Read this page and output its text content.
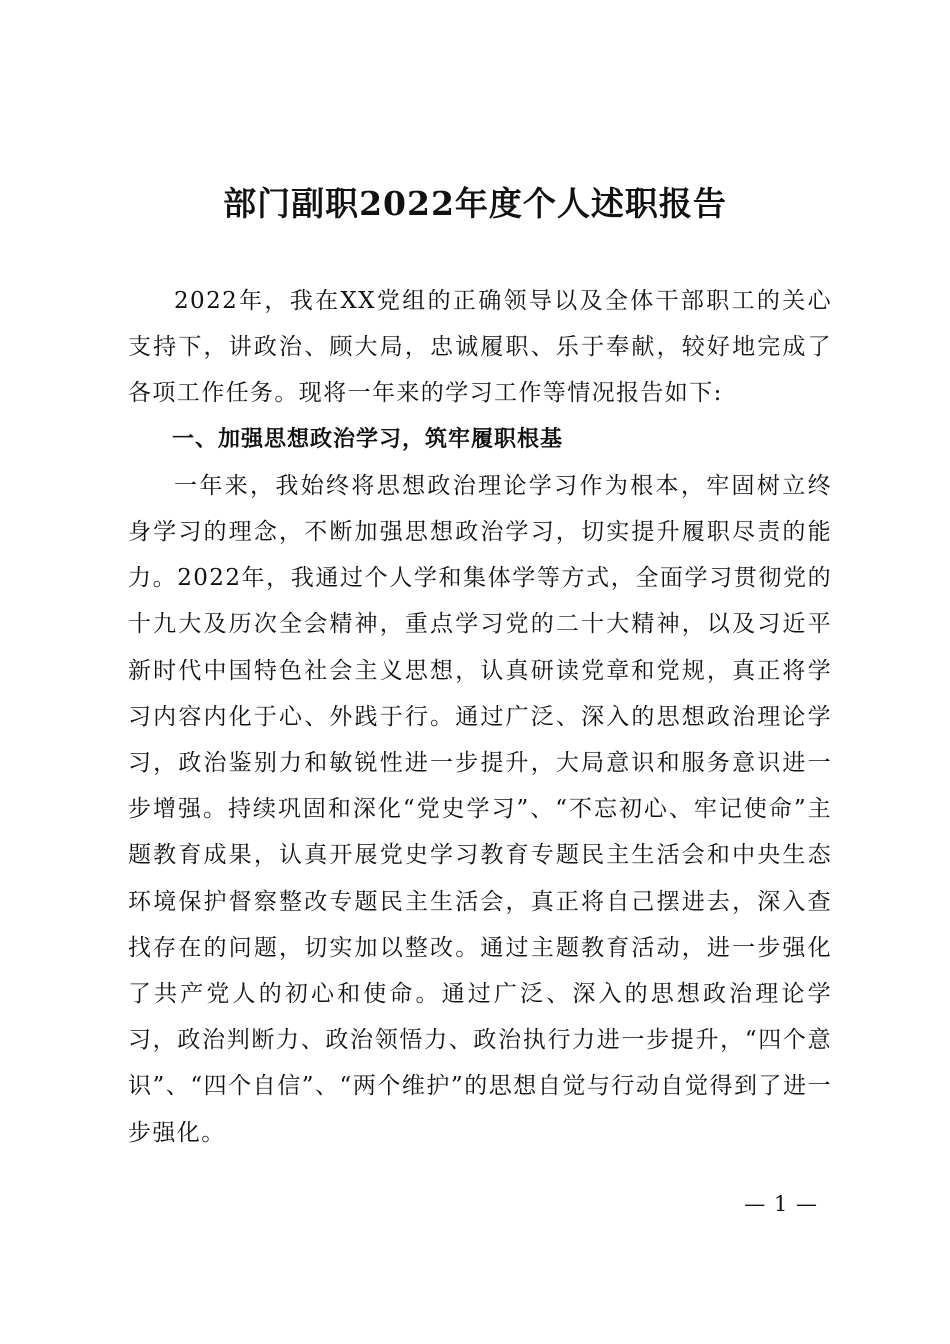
部门副职2022年度个人述职报告

2022年，我在XX党组的正确领导以及全体干部职工的关心支持下，讲政治、顾大局，忠诚履职、乐于奉献，较好地完成了各项工作任务。现将一年来的学习工作等情况报告如下:

一、加强思想政治学习，筑牢履职根基

一年来，我始终将思想政治理论学习作为根本，牢固树立终身学习的理念，不断加强思想政治学习，切实提升履职尽责的能力。2022年，我通过个人学和集体学等方式，全面学习贯彻党的十九大及历次全会精神，重点学习党的二十大精神，以及习近平新时代中国特色社会主义思想，认真研读党章和党规，真正将学习内容内化于心、外践于行。通过广泛、深入的思想政治理论学习，政治鉴别力和敏锐性进一步提升，大局意识和服务意识进一步增强。持续巩固和深化“党史学习”、“不忘初心、牢记使命”主题教育成果，认真开展党史学习教育专题民主生活会和中央生态环境保护督察整改专题民主生活会，真正将自己摆进去，深入查找存在的问题，切实加以整改。通过主题教育活动，进一步强化了共产党人的初心和使命。通过广泛、深入的思想政治理论学习，政治判断力、政治领悟力、政治执行力进一步提升，“四个意识”、“四个自信”、“两个维护”的思想自觉与行动自觉得到了进一步强化。

— 1 —
